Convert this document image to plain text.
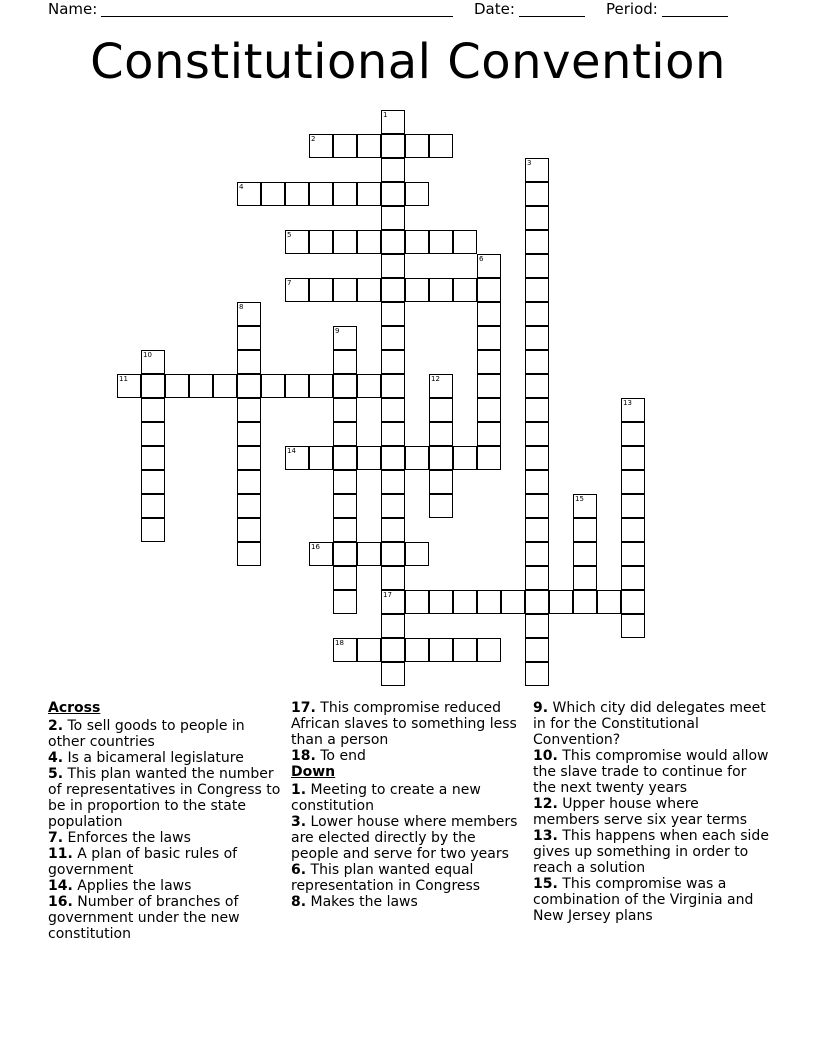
Name:	Date:	Period:
Constitutional Convention
2
4
5
7
11
14
16
17
18
1
3
6
8
9
10
12
13
15
Across
2. To sell goods to people in other countries
4. Is a bicameral legislature
5. This plan wanted the number of representatives in Congress to be in proportion to the state population
7. Enforces the laws
11. A plan of basic rules of government
14. Applies the laws
16. Number of branches of government under the new constitution
17. This compromise reduced African slaves to something less than a person
18. To end
Down
1. Meeting to create a new constitution
3. Lower house where members are elected directly by the people and serve for two years
6. This plan wanted equal representation in Congress
8. Makes the laws
9. Which city did delegates meet in for the Constitutional Convention?
10. This compromise would allow the slave trade to continue for the next twenty years
12. Upper house where members serve six year terms
13. This happens when each side gives up something in order to reach a solution
15. This compromise was a combination of the Virginia and New Jersey plans
